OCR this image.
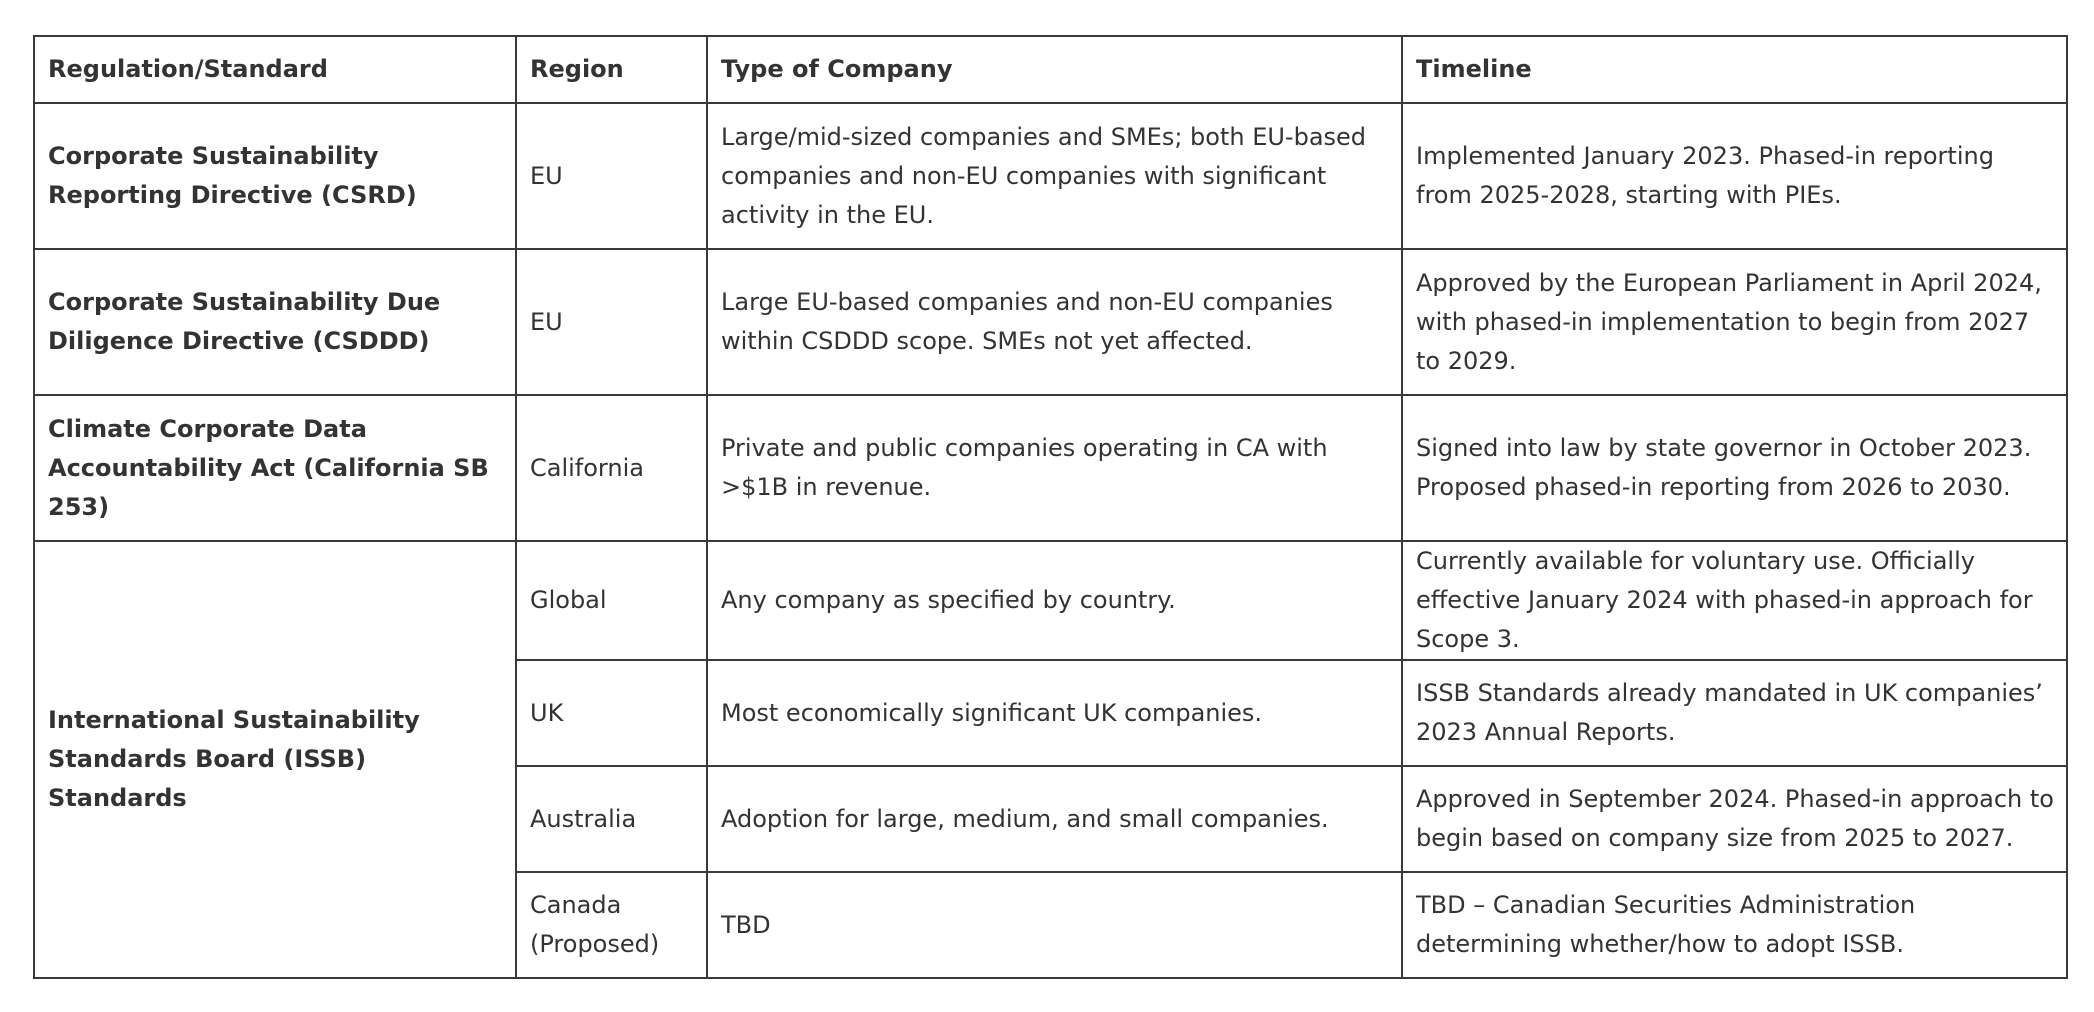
Regulation/Standard	Region	Type of Company	Timeline
Corporate Sustainability Reporting Directive (CSRD)	EU	Large/mid-sized companies and SMEs; both EU-based companies and non-EU companies with significant activity in the EU.	Implemented January 2023. Phased-in reporting from 2025-2028, starting with PIEs.
Corporate Sustainability Due Diligence Directive (CSDDD)	EU	Large EU-based companies and non-EU companies within CSDDD scope. SMEs not yet affected.	Approved by the European Parliament in April 2024, with phased-in implementation to begin from 2027 to 2029.
Climate Corporate Data Accountability Act (California SB 253)	California	Private and public companies operating in CA with >$1B in revenue.	Signed into law by state governor in October 2023. Proposed phased-in reporting from 2026 to 2030.
International Sustainability Standards Board (ISSB) Standards	Global	Any company as specified by country.	Currently available for voluntary use. Officially effective January 2024 with phased-in approach for Scope 3.
	UK	Most economically significant UK companies.	ISSB Standards already mandated in UK companies’ 2023 Annual Reports.
	Australia	Adoption for large, medium, and small companies.	Approved in September 2024. Phased-in approach to begin based on company size from 2025 to 2027.
	Canada (Proposed)	TBD	TBD – Canadian Securities Administration determining whether/how to adopt ISSB.
